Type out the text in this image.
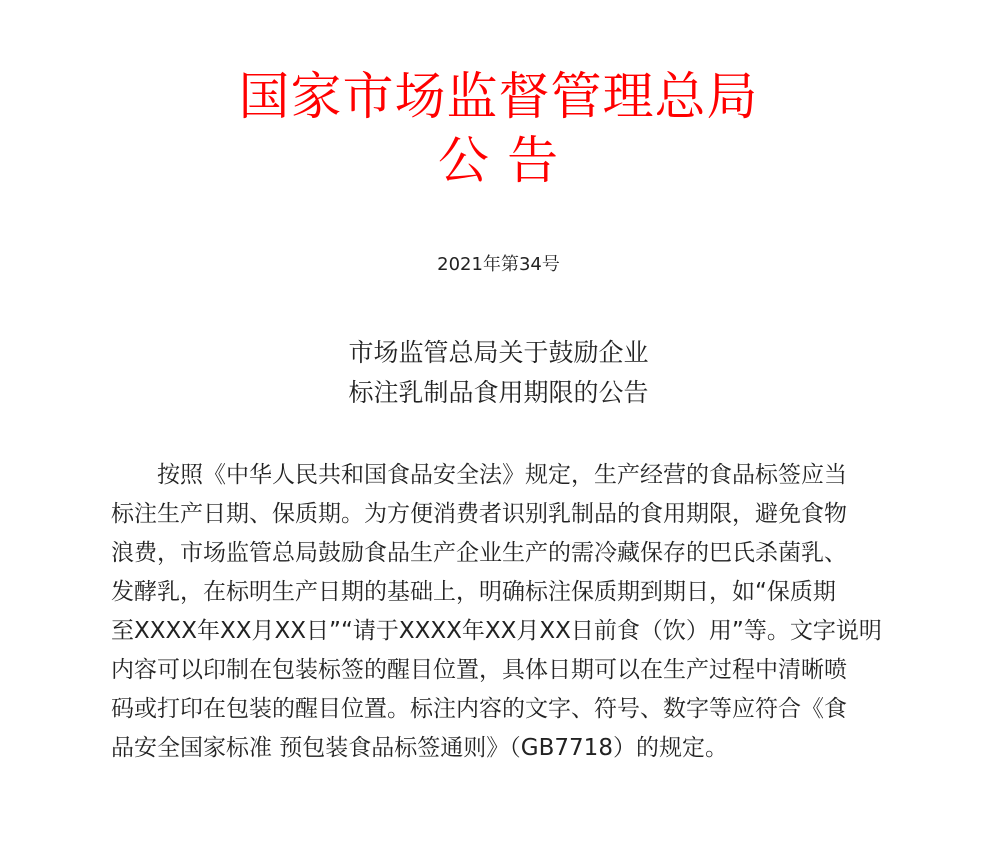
国家市场监督管理总局
公 告
2021年第34号
市场监管总局关于鼓励企业
标注乳制品食用期限的公告
　　按照《中华人民共和国食品安全法》规定，生产经营的食品标签应当
标注生产日期、保质期。为方便消费者识别乳制品的食用期限，避免食物
浪费，市场监管总局鼓励食品生产企业生产的需冷藏保存的巴氏杀菌乳、
发酵乳，在标明生产日期的基础上，明确标注保质期到期日，如“保质期
至XXXX年XX月XX日”“请于XXXX年XX月XX日前食（饮）用”等。文字说明
内容可以印制在包装标签的醒目位置，具体日期可以在生产过程中清晰喷
码或打印在包装的醒目位置。标注内容的文字、符号、数字等应符合《食
品安全国家标准 预包装食品标签通则》（GB7718）的规定。
